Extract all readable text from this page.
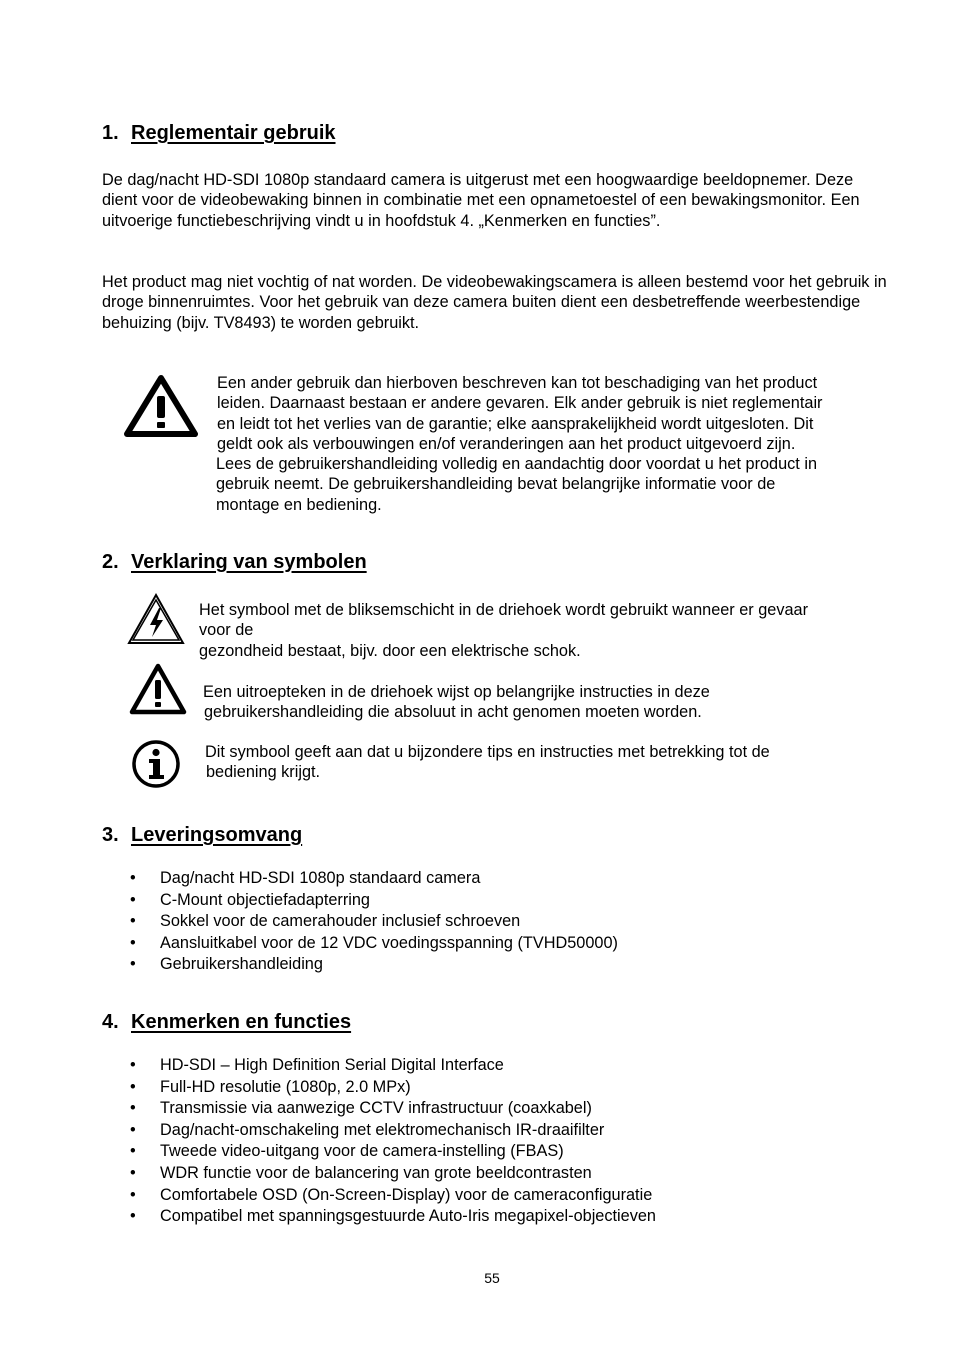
1. Reglementair gebruik

De dag/nacht HD-SDI 1080p standaard camera is uitgerust met een hoogwaardige beeldopnemer. Deze dient voor de videobewaking binnen in combinatie met een opnametoestel of een bewakingsmonitor. Een uitvoerige functiebeschrijving vindt u in hoofdstuk 4. „Kenmerken en functies”.

Het product mag niet vochtig of nat worden. De videobewakingscamera is alleen bestemd voor het gebruik in droge binnenruimtes. Voor het gebruik van deze camera buiten dient een desbetreffende weerbestendige behuizing (bijv. TV8493) te worden gebruikt.

Een ander gebruik dan hierboven beschreven kan tot beschadiging van het product
leiden. Daarnaast bestaan er andere gevaren. Elk ander gebruik is niet reglementair
en leidt tot het verlies van de garantie; elke aansprakelijkheid wordt uitgesloten. Dit
geldt ook als verbouwingen en/of veranderingen aan het product uitgevoerd zijn.
Lees de gebruikershandleiding volledig en aandachtig door voordat u het product in
gebruik neemt. De gebruikershandleiding bevat belangrijke informatie voor de
montage en bediening.
2. Verklaring van symbolen
Het symbool met de bliksemschicht in de driehoek wordt gebruikt wanneer er gevaar
voor de
gezondheid bestaat, bijv. door een elektrische schok.
Een uitroepteken in de driehoek wijst op belangrijke instructies in deze
gebruikershandleiding die absoluut in acht genomen moeten worden.
Dit symbool geeft aan dat u bijzondere tips en instructies met betrekking tot de
bediening krijgt.
3. Leveringsomvang
• Dag/nacht HD-SDI 1080p standaard camera
• C-Mount objectiefadapterring
• Sokkel voor de camerahouder inclusief schroeven
• Aansluitkabel voor de 12 VDC voedingsspanning (TVHD50000)
• Gebruikershandleiding
4. Kenmerken en functies
• HD-SDI – High Definition Serial Digital Interface
• Full-HD resolutie (1080p, 2.0 MPx)
• Transmissie via aanwezige CCTV infrastructuur (coaxkabel)
• Dag/nacht-omschakeling met elektromechanisch IR-draaifilter
• Tweede video-uitgang voor de camera-instelling (FBAS)
• WDR functie voor de balancering van grote beeldcontrasten
• Comfortabele OSD (On-Screen-Display) voor de cameraconfiguratie
• Compatibel met spanningsgestuurde Auto-Iris megapixel-objectieven
55
